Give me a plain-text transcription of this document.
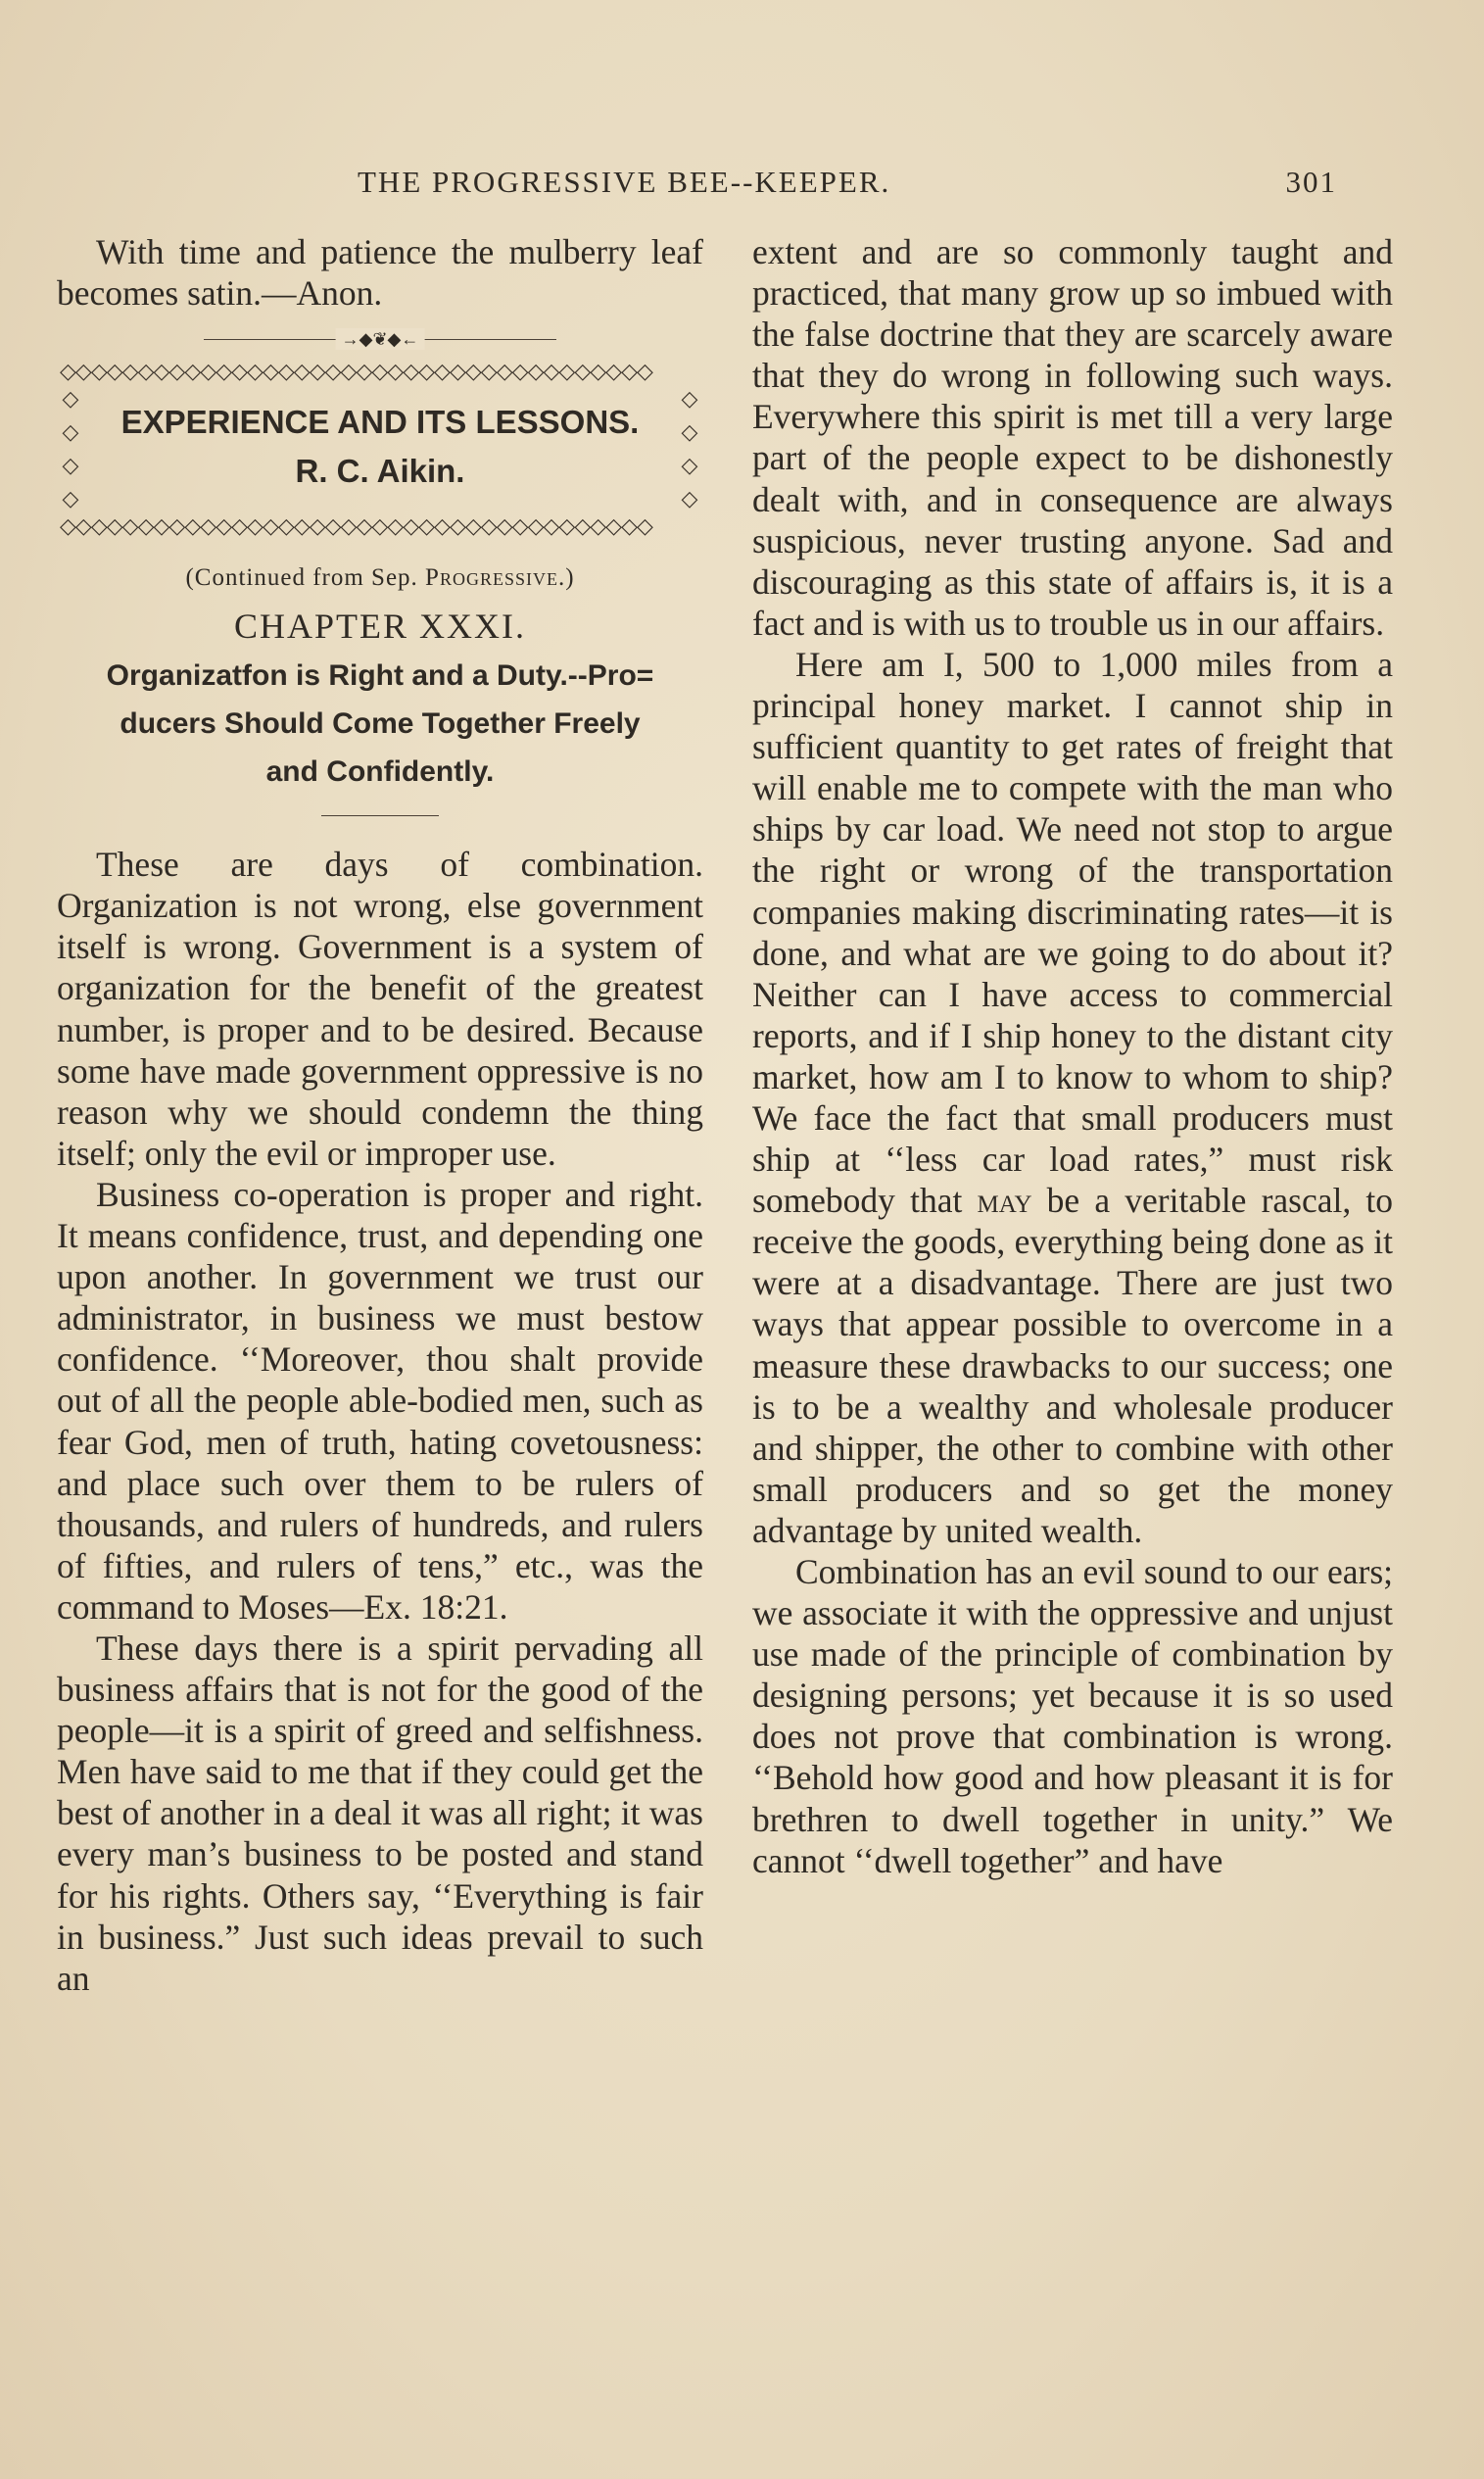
THE PROGRESSIVE BEE--KEEPER.	301

With time and patience the mulberry leaf becomes satin.—Anon.

→◆❦◆←
◇◇◇◇◇◇◇◇◇◇◇◇◇◇◇◇◇◇◇◇◇◇◇◇◇◇◇◇◇◇◇◇◇◇◇◇◇◇
◇
◇
◇
◇
◇
◇
◇
◇
◇◇◇◇◇◇◇◇◇◇◇◇◇◇◇◇◇◇◇◇◇◇◇◇◇◇◇◇◇◇◇◇◇◇◇◇◇◇
EXPERIENCE AND ITS LESSONS.
R. C. Aikin.
(Continued from Sep. Progressive.)
CHAPTER XXXI.
Organizatfon is Right and a Duty.--Pro=
ducers Should Come Together Freely
and Confidently.

These are days of combination. Organization is not wrong, else government itself is wrong. Government is a system of organization for the benefit of the greatest number, is proper and to be desired. Because some have made government oppressive is no reason why we should condemn the thing itself; only the evil or improper use.

Business co-operation is proper and right. It means confidence, trust, and depending one upon another. In government we trust our administrator, in business we must bestow confidence. ‘‘Moreover, thou shalt provide out of all the people able-bodied men, such as fear God, men of truth, hating covetousness: and place such over them to be rulers of thousands, and rulers of hundreds, and rulers of fifties, and rulers of tens,” etc., was the command to Moses—Ex. 18:21.

These days there is a spirit pervading all business affairs that is not for the good of the people—it is a spirit of greed and selfishness. Men have said to me that if they could get the best of another in a deal it was all right; it was every man’s business to be posted and stand for his rights. Others say, ‘‘Everything is fair in business.” Just such ideas prevail to such an

extent and are so commonly taught and practiced, that many grow up so imbued with the false doctrine that they are scarcely aware that they do wrong in following such ways. Everywhere this spirit is met till a very large part of the people expect to be dishonestly dealt with, and in consequence are always suspicious, never trusting anyone. Sad and discouraging as this state of affairs is, it is a fact and is with us to trouble us in our affairs.

Here am I, 500 to 1,000 miles from a principal honey market. I cannot ship in sufficient quantity to get rates of freight that will enable me to compete with the man who ships by car load. We need not stop to argue the right or wrong of the transportation companies making discriminating rates—it is done, and what are we going to do about it? Neither can I have access to commercial reports, and if I ship honey to the distant city market, how am I to know to whom to ship? We face the fact that small producers must ship at ‘‘less car load rates,” must risk somebody that may be a veritable rascal, to receive the goods, everything being done as it were at a disadvantage. There are just two ways that appear possible to overcome in a measure these drawbacks to our success; one is to be a wealthy and wholesale producer and shipper, the other to combine with other small producers and so get the money advantage by united wealth.

Combination has an evil sound to our ears; we associate it with the oppressive and unjust use made of the principle of combination by designing persons; yet because it is so used does not prove that combination is wrong. ‘‘Behold how good and how pleasant it is for brethren to dwell together in unity.” We cannot ‘‘dwell together” and have
